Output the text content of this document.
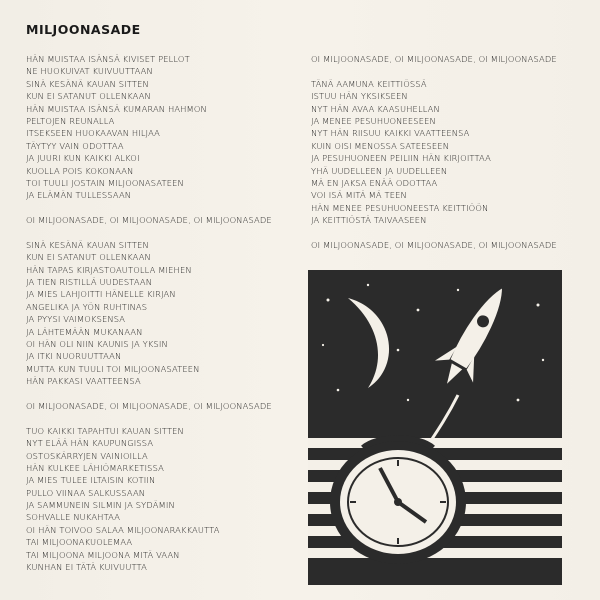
MILJOONASADE
HÄN MUISTAA ISÄNSÄ KIVISET PELLOT
NE HUOKUIVAT KUIVUUTTAAN
SINÄ KESÄNÄ KAUAN SITTEN
KUN EI SATANUT OLLENKAAN
HÄN MUISTAA ISÄNSÄ KUMARAN HAHMON
PELTOJEN REUNALLA
ITSEKSEEN HUOKAAVAN HILJAA
TÄYTYY VAIN ODOTTAA
JA JUURI KUN KAIKKI ALKOI
KUOLLA POIS KOKONAAN
TOI TUULI JOSTAIN MILJOONASATEEN
JA ELÄMÄN TULLESSAAN
OI MILJOONASADE, OI MILJOONASADE, OI MILJOONASADE
SINÄ KESÄNÄ KAUAN SITTEN
KUN EI SATANUT OLLENKAAN
HÄN TAPAS KIRJASTOAUTOLLA MIEHEN
JA TIEN RISTILLÄ UUDESTAAN
JA MIES LAHJOITTI HÄNELLE KIRJAN
ANGELIKA JA YÖN RUHTINAS
JA PYYSI VAIMOKSENSA
JA LÄHTEMÄÄN MUKANAAN
OI HÄN OLI NIIN KAUNIS JA YKSIN
JA ITKI NUORUUTTAAN
MUTTA KUN TUULI TOI MILJOONASATEEN
HÄN PAKKASI VAATTEENSA
OI MILJOONASADE, OI MILJOONASADE, OI MILJOONASADE
TUO KAIKKI TAPAHTUI KAUAN SITTEN
NYT ELÄÄ HÄN KAUPUNGISSA
OSTOSKÄRRYJEN VAINIOILLA
HÄN KULKEE LÄHIÖMARKETISSA
JA MIES TULEE ILTAISIN KOTIIN
PULLO VIINAA SALKUSSAAN
JA SAMMUNEIN SILMIN JA SYDÄMIN
SOHVALLE NUKAHTAA
OI HÄN TOIVOO SALAA MILJOONARAKKAUTTA
TAI MILJOONAKUOLEMAA
TAI MILJOONA MILJOONA MITÄ VAAN
KUNHAN EI TÄTÄ KUIVUUTTA
OI MILJOONASADE, OI MILJOONASADE, OI MILJOONASADE
TÄNÄ AAMUNA KEITTIÖSSÄ
ISTUU HÄN YKSIKSEEN
NYT HÄN AVAA KAASUHELLAN
JA MENEE PESUHUONEESEEN
NYT HÄN RIISUU KAIKKI VAATTEENSA
KUIN OISI MENOSSA SATEESEEN
JA PESUHUONEEN PEILIIN HÄN KIRJOITTAA
YHÄ UUDELLEEN JA UUDELLEEN
MÄ EN JAKSA ENÄÄ ODOTTAA
VOI ISÄ MITÄ MÄ TEEN
HÄN MENEE PESUHUONEESTA KEITTIÖÖN
JA KEITTIÖSTÄ TAIVAASEEN
OI MILJOONASADE, OI MILJOONASADE, OI MILJOONASADE
